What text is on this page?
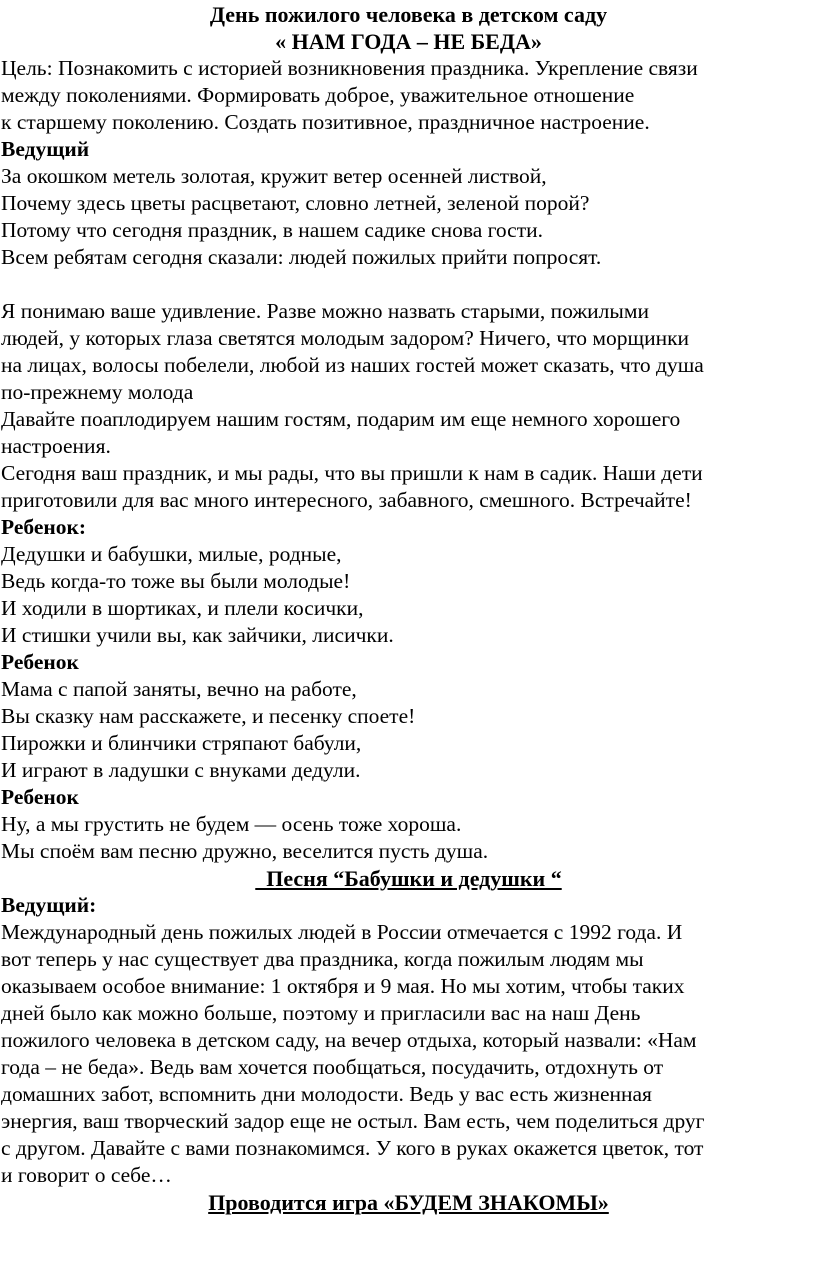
День пожилого человека в детском саду

« НАМ ГОДА – НЕ БЕДА»

Цель: Познакомить с историей возникновения праздника. Укрепление связи

между поколениями. Формировать доброе, уважительное отношение

к старшему поколению. Создать позитивное, праздничное настроение.

Ведущий

За окошком метель золотая, кружит ветер осенней листвой,

Почему здесь цветы расцветают, словно летней, зеленой порой?

Потому что сегодня праздник, в нашем садике снова гости.

Всем ребятам сегодня сказали: людей пожилых прийти попросят.

Я понимаю ваше удивление. Разве можно назвать старыми, пожилыми

людей, у которых глаза светятся молодым задором? Ничего, что морщинки

на лицах, волосы побелели, любой из наших гостей может сказать, что душа

по-прежнему молода

Давайте поаплодируем нашим гостям, подарим им еще немного хорошего

настроения.

Сегодня ваш праздник, и мы рады, что вы пришли к нам в садик. Наши дети

приготовили для вас много интересного, забавного, смешного. Встречайте!

Ребенок:

Дедушки и бабушки, милые, родные,

Ведь когда-то тоже вы были молодые!

И ходили в шортиках, и плели косички,

И стишки учили вы, как зайчики, лисички.

Ребенок

Мама с папой заняты, вечно на работе,

Вы сказку нам расскажете, и песенку споете!

Пирожки и блинчики стряпают бабули,

И играют в ладушки с внуками дедули.

Ребенок

Ну, а мы грустить не будем — осень тоже хороша.

Мы споём вам песню дружно, веселится пусть душа.

Песня “Бабушки и дедушки “

Ведущий:

Международный день пожилых людей в России отмечается с 1992 года. И

вот теперь у нас существует два праздника, когда пожилым людям мы

оказываем особое внимание: 1 октября и 9 мая. Но мы хотим, чтобы таких

дней было как можно больше, поэтому и пригласили вас на наш День

пожилого человека в детском саду, на вечер отдыха, который назвали: «Нам

года – не беда». Ведь вам хочется пообщаться, посудачить, отдохнуть от

домашних забот, вспомнить дни молодости. Ведь у вас есть жизненная

энергия, ваш творческий задор еще не остыл. Вам есть, чем поделиться друг

с другом. Давайте с вами познакомимся. У кого в руках окажется цветок, тот

и говорит о себе…

Проводится игра «БУДЕМ ЗНАКОМЫ»
